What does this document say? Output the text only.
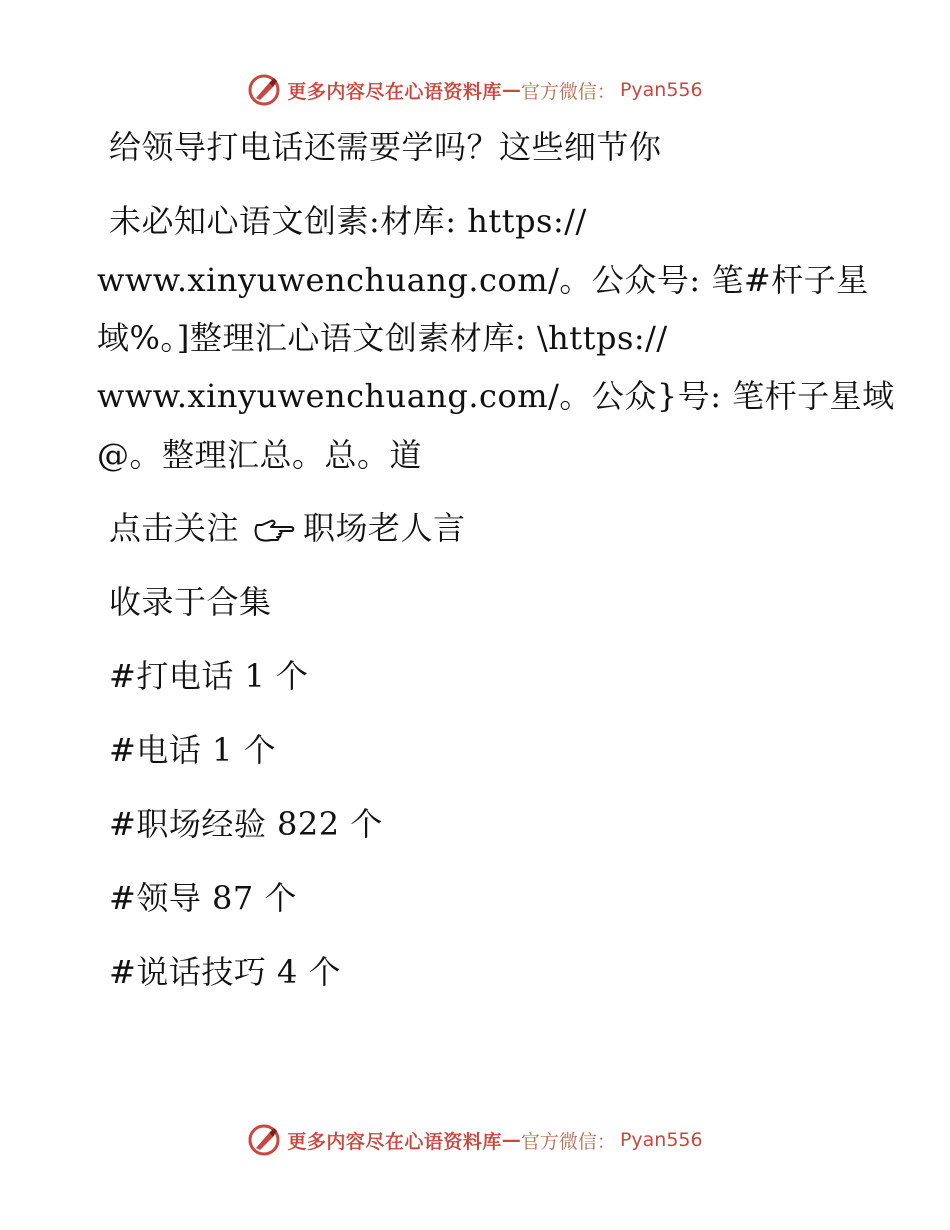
更多内容尽在心语资料库 — 官方微信： Pyan556
给领导打电话还需要学吗？这些细节你
未必知心语文创素:材库: https://
www.xinyuwenchuang.com/。公众号: 笔#杆子星
域%。]整理汇心语文创素材库: \https://
www.xinyuwenchuang.com/。公众}号: 笔杆子星域
@。整理汇总。总。道
点击关注 职场老人言
收录于合集
#打电话 1 个
#电话 1 个
#职场经验 822 个
#领导 87 个
#说话技巧 4 个
更多内容尽在心语资料库 — 官方微信： Pyan556
